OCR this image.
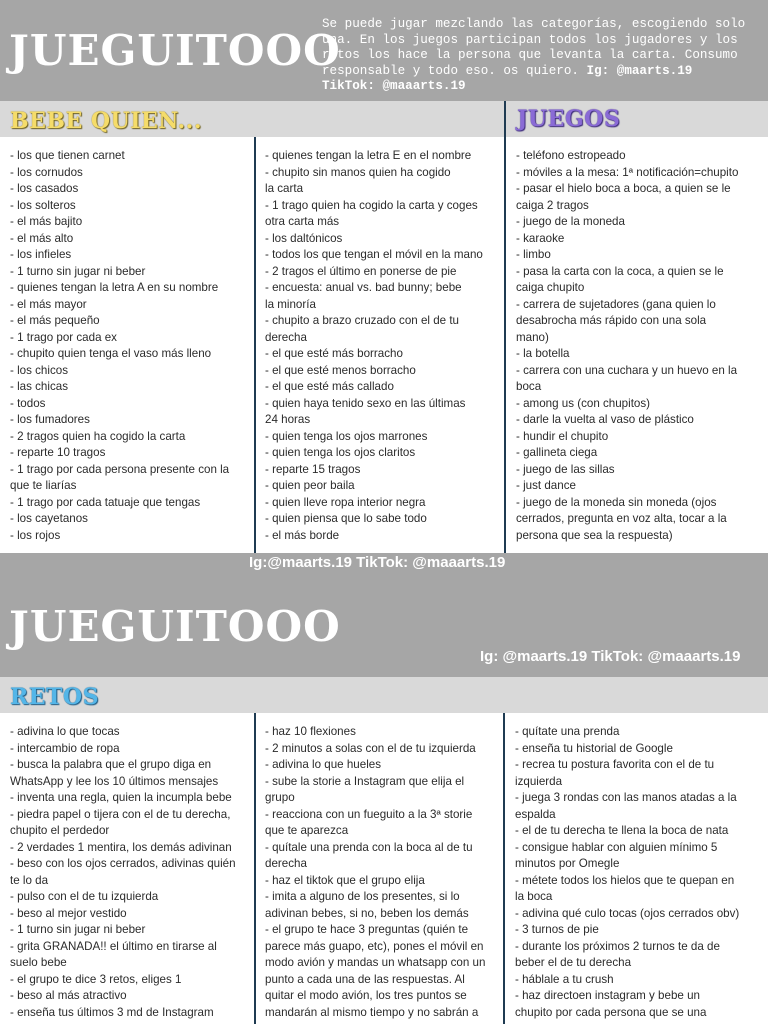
JUEGUITOOO
Se puede jugar mezclando las categorías, escogiendo solo una. En los juegos participan todos los jugadores y los retos los hace la persona que levanta la carta. Consumo responsable y todo eso. os quiero. Ig: @maarts.19 TikTok: @maaarts.19
BEBE QUIEN...	JUEGOS
- los que tienen carnet
- los cornudos
- los casados
- los solteros
- el más bajito
- el más alto
- los infieles
- 1 turno sin jugar ni beber
- quienes tengan la letra A en su nombre
- el más mayor
- el más pequeño
- 1 trago por cada ex
- chupito quien tenga el vaso más lleno
- los chicos
- las chicas
- todos
- los fumadores
- 2 tragos quien ha cogido la carta
- reparte 10 tragos
- 1 trago por cada persona presente con la
que te liarías
- 1 trago por cada tatuaje que tengas
- los cayetanos
- los rojos
- quienes tengan la letra E en el nombre
- chupito sin manos quien ha cogido
la carta
- 1 trago quien ha cogido la carta y coges
otra carta más
- los daltónicos
- todos los que tengan el móvil en la mano
- 2 tragos el último en ponerse de pie
- encuesta: anual vs. bad bunny; bebe
la minoría
- chupito a brazo cruzado con el de tu
derecha
- el que esté más borracho
- el que esté menos borracho
- el que esté más callado
- quien haya tenido sexo en las últimas
24 horas
- quien tenga los ojos marrones
- quien tenga los ojos claritos
- reparte 15 tragos
- quien peor baila
- quien lleve ropa interior negra
- quien piensa que lo sabe todo
- el más borde
- teléfono estropeado
- móviles a la mesa: 1ª notificación=chupito
- pasar el hielo boca a boca, a quien se le
caiga 2 tragos
- juego de la moneda
- karaoke
- limbo
- pasa la carta con la coca, a quien se le
caiga chupito
- carrera de sujetadores (gana quien lo
desabrocha más rápido con una sola
mano)
- la botella
- carrera con una cuchara y un huevo en la
boca
- among us (con chupitos)
- darle la vuelta al vaso de plástico
- hundir el chupito
- gallineta ciega
- juego de las sillas
- just dance
- juego de la moneda sin moneda (ojos
cerrados, pregunta en voz alta, tocar a la
persona que sea la respuesta)
Ig:@maarts.19 TikTok: @maaarts.19
JUEGUITOOO
Ig: @maarts.19 TikTok: @maaarts.19
RETOS
- adivina lo que tocas
- intercambio de ropa
- busca la palabra que el grupo diga en
WhatsApp y lee los 10 últimos mensajes
- inventa una regla, quien la incumpla bebe
- piedra papel o tijera con el de tu derecha,
chupito el perdedor
- 2 verdades 1 mentira, los demás adivinan
- beso con los ojos cerrados, adivinas quién
te lo da
- pulso con el de tu izquierda
- beso al mejor vestido
- 1 turno sin jugar ni beber
- grita GRANADA!! el último en tirarse al
suelo bebe
- el grupo te dice 3 retos, eliges 1
- beso al más atractivo
- enseña tus últimos 3 md de Instagram
- haz 10 flexiones
- 2 minutos a solas con el de tu izquierda
- adivina lo que hueles
- sube la storie a Instagram que elija el
grupo
- reacciona con un fueguito a la 3ª storie
que te aparezca
- quítale una prenda con la boca al de tu
derecha
- haz el tiktok que el grupo elija
- imita a alguno de los presentes, si lo
adivinan bebes, si no, beben los demás
- el grupo te hace 3 preguntas (quién te
parece más guapo, etc), pones el móvil en
modo avión y mandas un whatsapp con un
punto a cada una de las respuestas. Al
quitar el modo avión, los tres puntos se
mandarán al mismo tiempo y no sabrán a
- quítate una prenda
- enseña tu historial de Google
- recrea tu postura favorita con el de tu
izquierda
- juega 3 rondas con las manos atadas a la
espalda
- el de tu derecha te llena la boca de nata
- consigue hablar con alguien mínimo 5
minutos por Omegle
- métete todos los hielos que te quepan en
la boca
- adivina qué culo tocas (ojos cerrados obv)
- 3 turnos de pie
- durante los próximos 2 turnos te da de
beber el de tu derecha
- háblale a tu crush
- haz directoen instagram y bebe un
chupito por cada persona que se una
